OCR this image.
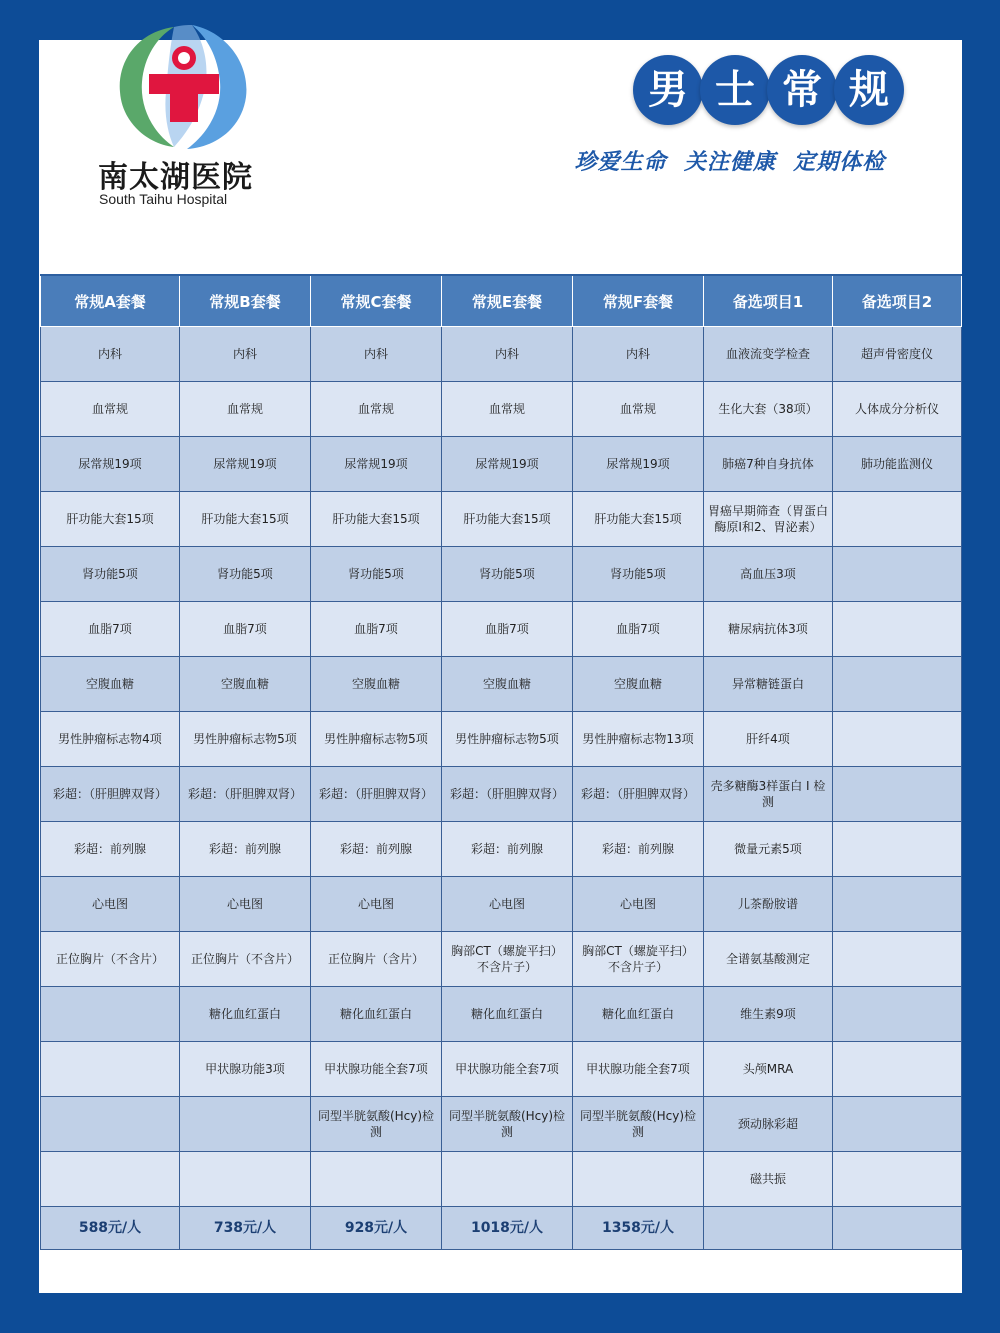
南太湖医院
South Taihu Hospital
男 士 常 规
珍爱生命  关注健康  定期体检
常规A套餐	常规B套餐	常规C套餐	常规E套餐	常规F套餐	备选项目1	备选项目2
内科	内科	内科	内科	内科	血液流变学检查	超声骨密度仪
血常规	血常规	血常规	血常规	血常规	生化大套（38项）	人体成分分析仪
尿常规19项	尿常规19项	尿常规19项	尿常规19项	尿常规19项	肺癌7种自身抗体	肺功能监测仪
肝功能大套15项	肝功能大套15项	肝功能大套15项	肝功能大套15项	肝功能大套15项	胃癌早期筛查（胃蛋白酶原I和2、胃泌素）	
肾功能5项	肾功能5项	肾功能5项	肾功能5项	肾功能5项	高血压3项	
血脂7项	血脂7项	血脂7项	血脂7项	血脂7项	糖尿病抗体3项	
空腹血糖	空腹血糖	空腹血糖	空腹血糖	空腹血糖	异常糖链蛋白	
男性肿瘤标志物4项	男性肿瘤标志物5项	男性肿瘤标志物5项	男性肿瘤标志物5项	男性肿瘤标志物13项	肝纤4项	
彩超：（肝胆脾双肾）	彩超：（肝胆脾双肾）	彩超：（肝胆脾双肾）	彩超：（肝胆脾双肾）	彩超：（肝胆脾双肾）	壳多糖酶3样蛋白 I 检测	
彩超：前列腺	彩超：前列腺	彩超：前列腺	彩超：前列腺	彩超：前列腺	微量元素5项	
心电图	心电图	心电图	心电图	心电图	儿茶酚胺谱	
正位胸片（不含片）	正位胸片（不含片）	正位胸片（含片）	胸部CT（螺旋平扫）不含片子）	胸部CT（螺旋平扫）不含片子）	全谱氨基酸测定	
	糖化血红蛋白	糖化血红蛋白	糖化血红蛋白	糖化血红蛋白	维生素9项	
	甲状腺功能3项	甲状腺功能全套7项	甲状腺功能全套7项	甲状腺功能全套7项	头颅MRA	
		同型半胱氨酸(Hcy)检测	同型半胱氨酸(Hcy)检测	同型半胱氨酸(Hcy)检测	颈动脉彩超	
					磁共振	
588元/人	738元/人	928元/人	1018元/人	1358元/人		
